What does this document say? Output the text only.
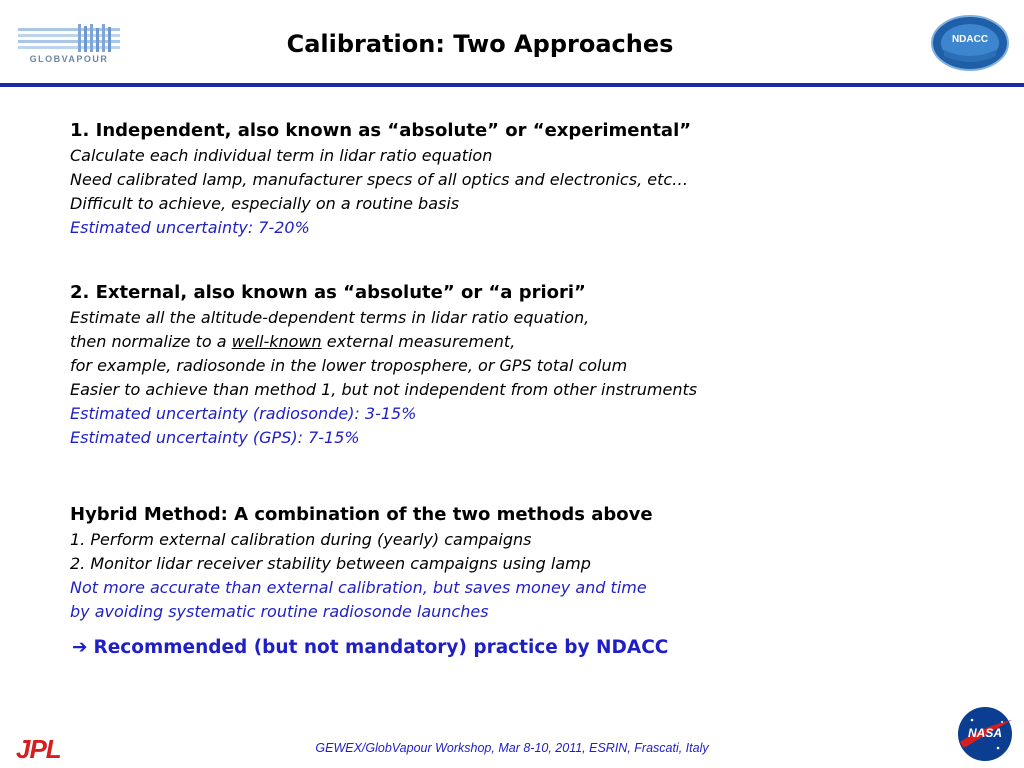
GLOBVAPOUR
Calibration: Two Approaches	NDACC
1. Independent, also known as “absolute” or “experimental”
Calculate each individual term in lidar ratio equation
Need calibrated lamp, manufacturer specs of all optics and electronics, etc…
Difficult to achieve, especially on a routine basis
Estimated uncertainty: 7-20%
2. External, also known as “absolute” or “a priori”
Estimate all the altitude-dependent terms in lidar ratio equation,
then normalize to a well-known external measurement,
for example, radiosonde in the lower troposphere, or GPS total colum
Easier to achieve than method 1, but not independent from other instruments
Estimated uncertainty (radiosonde): 3-15%
Estimated uncertainty (GPS): 7-15%
Hybrid Method: A combination of the two methods above
1. Perform external calibration during (yearly) campaigns
2. Monitor lidar receiver stability between campaigns using lamp
Not more accurate than external calibration, but saves money and time
by avoiding systematic routine radiosonde launches
➔ Recommended (but not mandatory) practice by NDACC
JPL	GEWEX/GlobVapour Workshop, Mar 8-10, 2011, ESRIN, Frascati, Italy
NASA
